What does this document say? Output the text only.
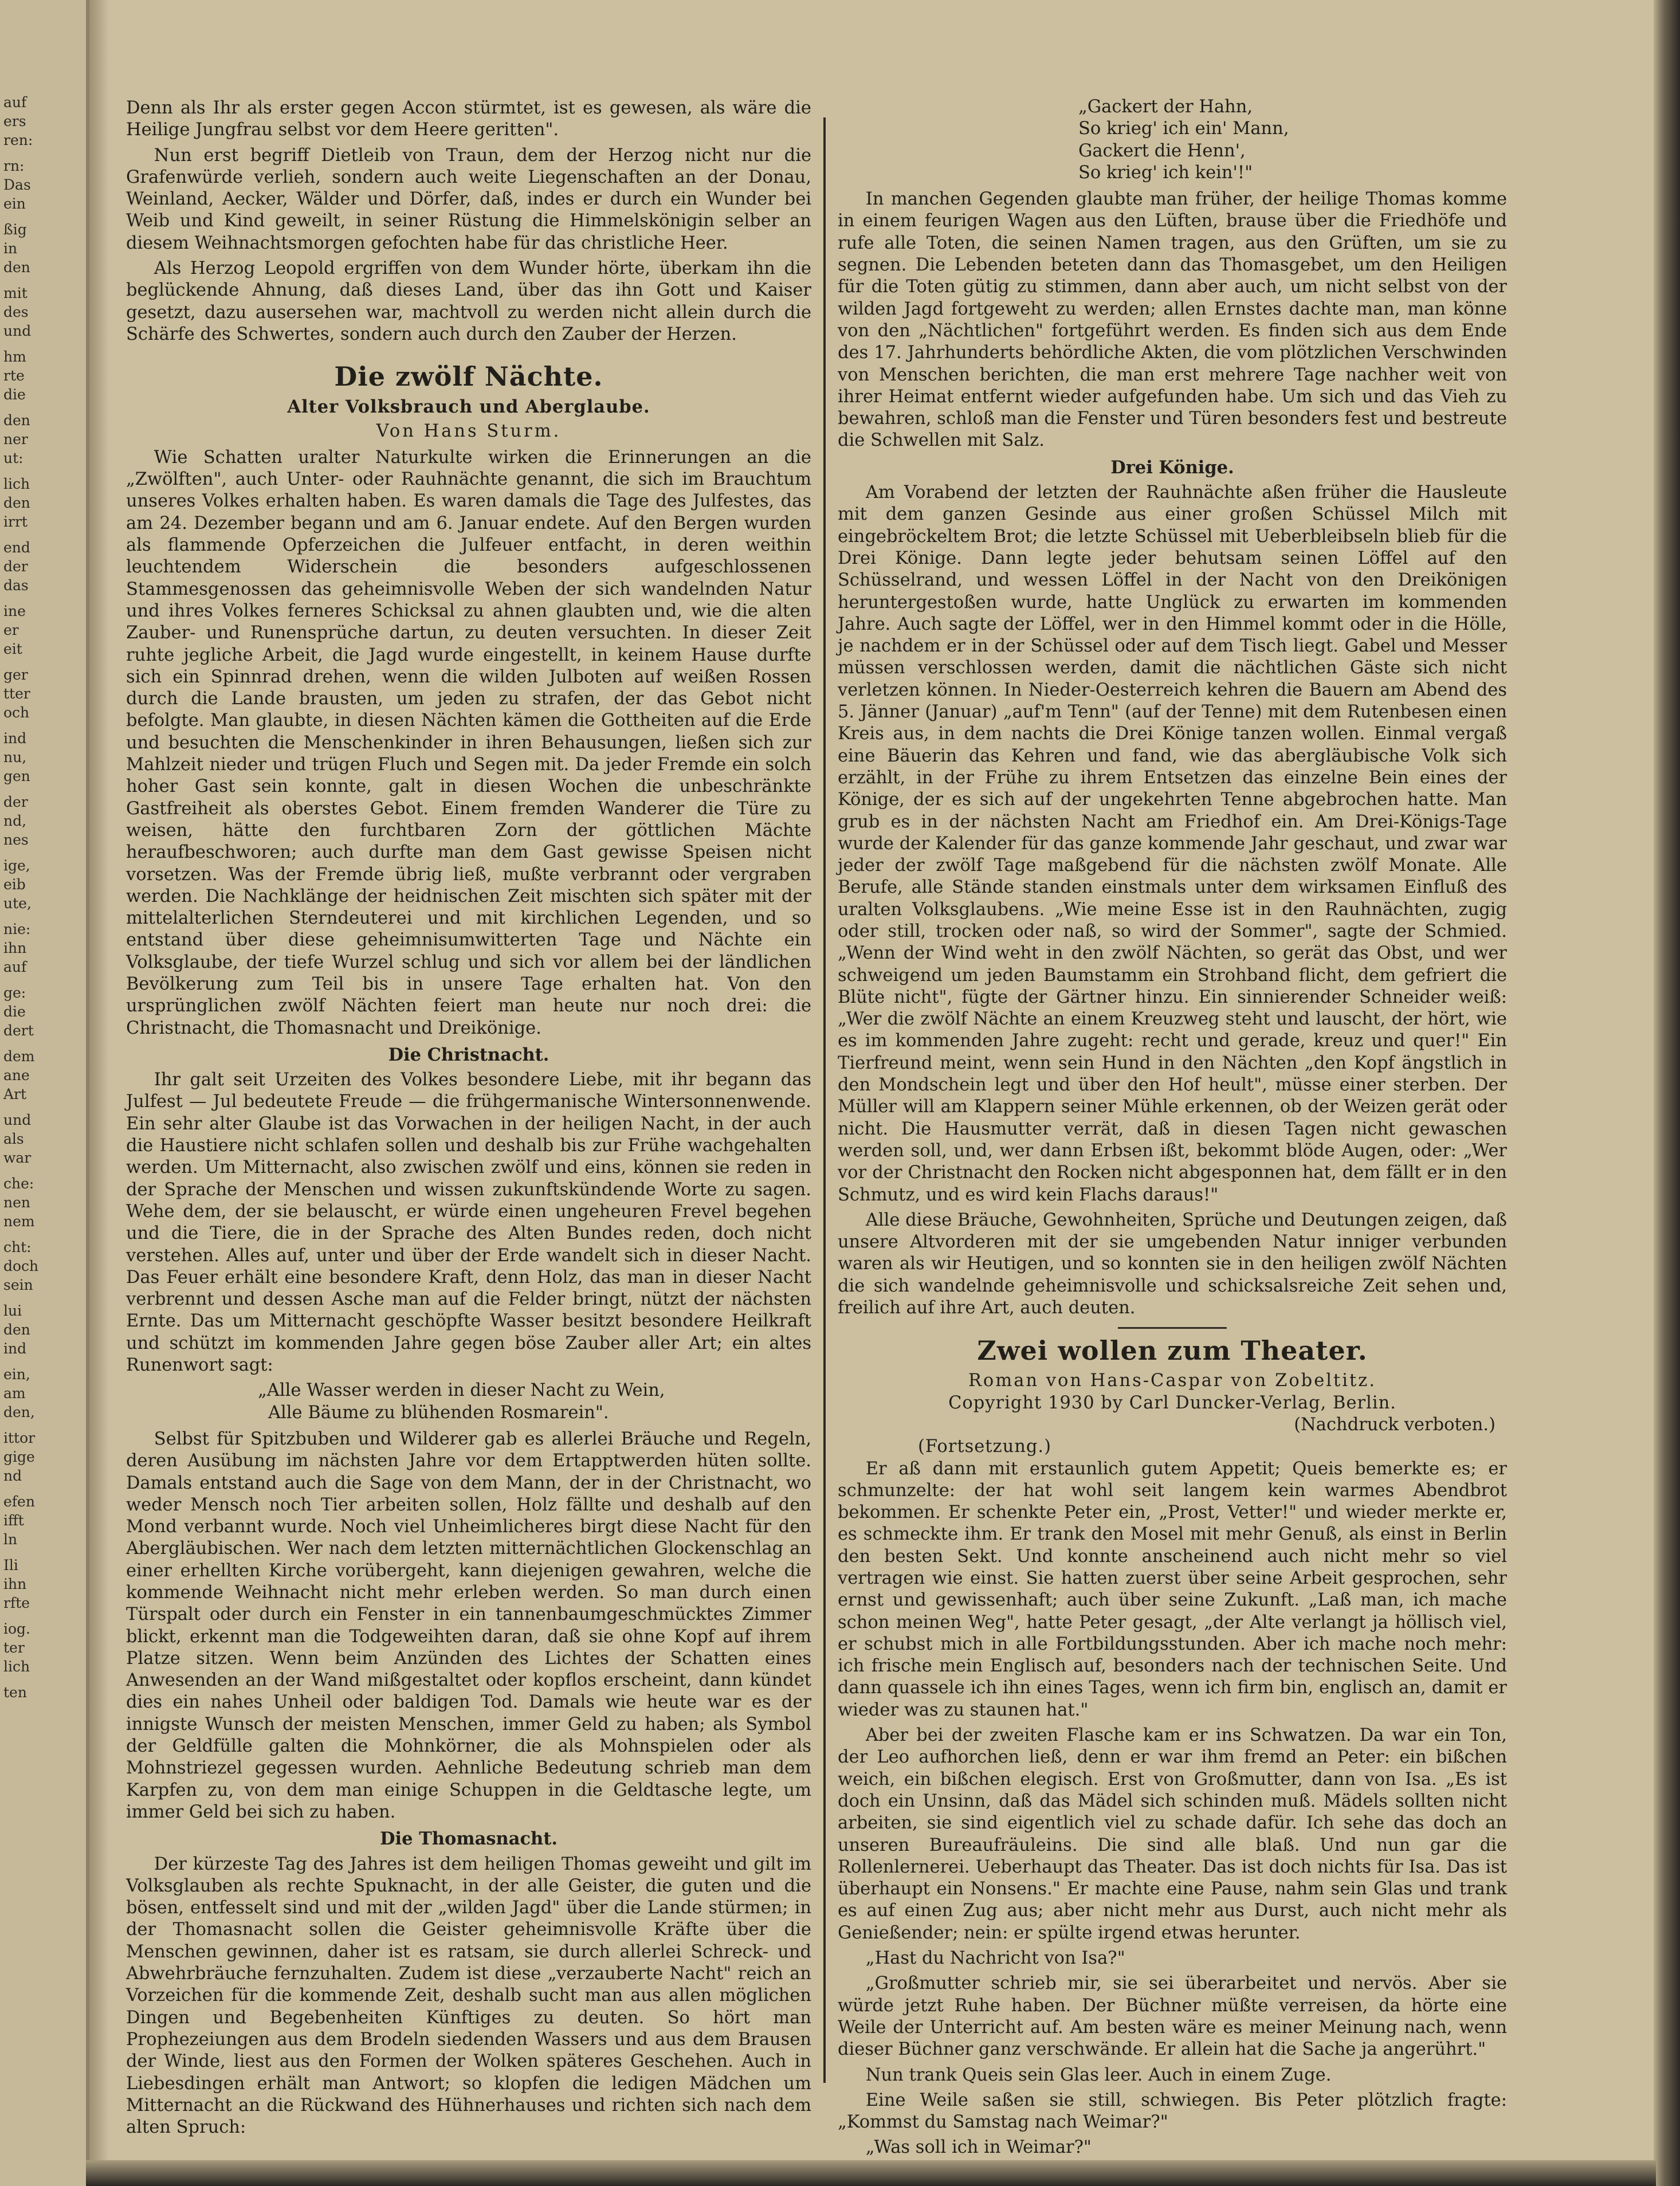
auf
ers
ren:
rn:
Das
ein
ßig
in
den
mit
des
und
hm
rte
die
den
ner
ut:
lich
den
irrt
end
der
das
ine
er
eit
ger
tter
och
ind
nu,
gen
der
nd,
nes
ige,
eib
ute,
nie:
ihn
auf
ge:
die
dert
dem
ane
Art
und
als
war
che:
nen
nem
cht:
doch
sein
lui
den
ind
ein,
am
den,
ittor
gige
nd
efen
ifft
ln
Ili
ihn
rfte
iog.
ter
lich
ten

Denn als Ihr als erster gegen Accon stürmtet, ist es gewesen, als wäre die Heilige Jungfrau selbst vor dem Heere geritten".

Nun erst begriff Dietleib von Traun, dem der Herzog nicht nur die Grafenwürde verlieh, sondern auch weite Liegenschaften an der Donau, Weinland, Aecker, Wälder und Dörfer, daß, indes er durch ein Wunder bei Weib und Kind geweilt, in seiner Rüstung die Himmelskönigin selber an diesem Weihnachtsmorgen gefochten habe für das christliche Heer.

Als Herzog Leopold ergriffen von dem Wunder hörte, überkam ihn die beglückende Ahnung, daß dieses Land, über das ihn Gott und Kaiser gesetzt, dazu ausersehen war, machtvoll zu werden nicht allein durch die Schärfe des Schwertes, sondern auch durch den Zauber der Herzen.

Die zwölf Nächte.
Alter Volksbrauch und Aberglaube.
Von Hans Sturm.

Wie Schatten uralter Naturkulte wirken die Erinnerungen an die „Zwölften", auch Unter- oder Rauhnächte genannt, die sich im Brauchtum unseres Volkes erhalten haben. Es waren damals die Tage des Julfestes, das am 24. Dezember begann und am 6. Januar endete. Auf den Bergen wurden als flammende Opferzeichen die Julfeuer entfacht, in deren weithin leuchtendem Widerschein die besonders aufgeschlossenen Stammesgenossen das geheimnisvolle Weben der sich wandelnden Natur und ihres Volkes ferneres Schicksal zu ahnen glaubten und, wie die alten Zauber- und Runensprüche dartun, zu deuten versuchten. In dieser Zeit ruhte jegliche Arbeit, die Jagd wurde eingestellt, in keinem Hause durfte sich ein Spinnrad drehen, wenn die wilden Julboten auf weißen Rossen durch die Lande brausten, um jeden zu strafen, der das Gebot nicht befolgte. Man glaubte, in diesen Nächten kämen die Gottheiten auf die Erde und besuchten die Menschenkinder in ihren Behausungen, ließen sich zur Mahlzeit nieder und trügen Fluch und Segen mit. Da jeder Fremde ein solch hoher Gast sein konnte, galt in diesen Wochen die unbeschränkte Gastfreiheit als oberstes Gebot. Einem fremden Wanderer die Türe zu weisen, hätte den furchtbaren Zorn der göttlichen Mächte heraufbeschworen; auch durfte man dem Gast gewisse Speisen nicht vorsetzen. Was der Fremde übrig ließ, mußte verbrannt oder vergraben werden. Die Nachklänge der heidnischen Zeit mischten sich später mit der mittelalterlichen Sterndeuterei und mit kirchlichen Legenden, und so entstand über diese geheimnisumwitterten Tage und Nächte ein Volksglaube, der tiefe Wurzel schlug und sich vor allem bei der ländlichen Bevölkerung zum Teil bis in unsere Tage erhalten hat. Von den ursprünglichen zwölf Nächten feiert man heute nur noch drei: die Christnacht, die Thomasnacht und Dreikönige.

Die Christnacht.

Ihr galt seit Urzeiten des Volkes besondere Liebe, mit ihr begann das Julfest — Jul bedeutete Freude — die frühgermanische Wintersonnenwende. Ein sehr alter Glaube ist das Vorwachen in der heiligen Nacht, in der auch die Haustiere nicht schlafen sollen und deshalb bis zur Frühe wachgehalten werden. Um Mitternacht, also zwischen zwölf und eins, können sie reden in der Sprache der Menschen und wissen zukunftskündende Worte zu sagen. Wehe dem, der sie belauscht, er würde einen ungeheuren Frevel begehen und die Tiere, die in der Sprache des Alten Bundes reden, doch nicht verstehen. Alles auf, unter und über der Erde wandelt sich in dieser Nacht. Das Feuer erhält eine besondere Kraft, denn Holz, das man in dieser Nacht verbrennt und dessen Asche man auf die Felder bringt, nützt der nächsten Ernte. Das um Mitternacht geschöpfte Wasser besitzt besondere Heilkraft und schützt im kommenden Jahre gegen böse Zauber aller Art; ein altes Runenwort sagt:

„Alle Wasser werden in dieser Nacht zu Wein,
Alle Bäume zu blühenden Rosmarein".

Selbst für Spitzbuben und Wilderer gab es allerlei Bräuche und Regeln, deren Ausübung im nächsten Jahre vor dem Ertapptwerden hüten sollte. Damals entstand auch die Sage von dem Mann, der in der Christnacht, wo weder Mensch noch Tier arbeiten sollen, Holz fällte und deshalb auf den Mond verbannt wurde. Noch viel Unheimlicheres birgt diese Nacht für den Abergläubischen. Wer nach dem letzten mitternächtlichen Glockenschlag an einer erhellten Kirche vorübergeht, kann diejenigen gewahren, welche die kommende Weihnacht nicht mehr erleben werden. So man durch einen Türspalt oder durch ein Fenster in ein tannenbaumgeschmücktes Zimmer blickt, erkennt man die Todgeweihten daran, daß sie ohne Kopf auf ihrem Platze sitzen. Wenn beim Anzünden des Lichtes der Schatten eines Anwesenden an der Wand mißgestaltet oder kopflos erscheint, dann kündet dies ein nahes Unheil oder baldigen Tod. Damals wie heute war es der innigste Wunsch der meisten Menschen, immer Geld zu haben; als Symbol der Geldfülle galten die Mohnkörner, die als Mohnspielen oder als Mohnstriezel gegessen wurden. Aehnliche Bedeutung schrieb man dem Karpfen zu, von dem man einige Schuppen in die Geldtasche legte, um immer Geld bei sich zu haben.

Die Thomasnacht.

Der kürzeste Tag des Jahres ist dem heiligen Thomas geweiht und gilt im Volksglauben als rechte Spuknacht, in der alle Geister, die guten und die bösen, entfesselt sind und mit der „wilden Jagd" über die Lande stürmen; in der Thomasnacht sollen die Geister geheimnisvolle Kräfte über die Menschen gewinnen, daher ist es ratsam, sie durch allerlei Schreck- und Abwehrbräuche fernzuhalten. Zudem ist diese „verzauberte Nacht" reich an Vorzeichen für die kommende Zeit, deshalb sucht man aus allen möglichen Dingen und Begebenheiten Künftiges zu deuten. So hört man Prophezeiungen aus dem Brodeln siedenden Wassers und aus dem Brausen der Winde, liest aus den Formen der Wolken späteres Geschehen. Auch in Liebesdingen erhält man Antwort; so klopfen die ledigen Mädchen um Mitternacht an die Rückwand des Hühnerhauses und richten sich nach dem alten Spruch:

„Gackert der Hahn,
So krieg' ich ein' Mann,
Gackert die Henn',
So krieg' ich kein'!"

In manchen Gegenden glaubte man früher, der heilige Thomas komme in einem feurigen Wagen aus den Lüften, brause über die Friedhöfe und rufe alle Toten, die seinen Namen tragen, aus den Grüften, um sie zu segnen. Die Lebenden beteten dann das Thomasgebet, um den Heiligen für die Toten gütig zu stimmen, dann aber auch, um nicht selbst von der wilden Jagd fortgeweht zu werden; allen Ernstes dachte man, man könne von den „Nächtlichen" fortgeführt werden. Es finden sich aus dem Ende des 17. Jahrhunderts behördliche Akten, die vom plötzlichen Verschwinden von Menschen berichten, die man erst mehrere Tage nachher weit von ihrer Heimat entfernt wieder aufgefunden habe. Um sich und das Vieh zu bewahren, schloß man die Fenster und Türen besonders fest und bestreute die Schwellen mit Salz.

Drei Könige.

Am Vorabend der letzten der Rauhnächte aßen früher die Hausleute mit dem ganzen Gesinde aus einer großen Schüssel Milch mit eingebröckeltem Brot; die letzte Schüssel mit Ueberbleibseln blieb für die Drei Könige. Dann legte jeder behutsam seinen Löffel auf den Schüsselrand, und wessen Löffel in der Nacht von den Dreikönigen heruntergestoßen wurde, hatte Unglück zu erwarten im kommenden Jahre. Auch sagte der Löffel, wer in den Himmel kommt oder in die Hölle, je nachdem er in der Schüssel oder auf dem Tisch liegt. Gabel und Messer müssen verschlossen werden, damit die nächtlichen Gäste sich nicht verletzen können. In Nieder-Oesterreich kehren die Bauern am Abend des 5. Jänner (Januar) „auf'm Tenn" (auf der Tenne) mit dem Rutenbesen einen Kreis aus, in dem nachts die Drei Könige tanzen wollen. Einmal vergaß eine Bäuerin das Kehren und fand, wie das abergläubische Volk sich erzählt, in der Frühe zu ihrem Entsetzen das einzelne Bein eines der Könige, der es sich auf der ungekehrten Tenne abgebrochen hatte. Man grub es in der nächsten Nacht am Friedhof ein. Am Drei-Königs-Tage wurde der Kalender für das ganze kommende Jahr geschaut, und zwar war jeder der zwölf Tage maßgebend für die nächsten zwölf Monate. Alle Berufe, alle Stände standen einstmals unter dem wirksamen Einfluß des uralten Volksglaubens. „Wie meine Esse ist in den Rauhnächten, zugig oder still, trocken oder naß, so wird der Sommer", sagte der Schmied. „Wenn der Wind weht in den zwölf Nächten, so gerät das Obst, und wer schweigend um jeden Baumstamm ein Strohband flicht, dem gefriert die Blüte nicht", fügte der Gärtner hinzu. Ein sinnierender Schneider weiß: „Wer die zwölf Nächte an einem Kreuzweg steht und lauscht, der hört, wie es im kommenden Jahre zugeht: recht und gerade, kreuz und quer!" Ein Tierfreund meint, wenn sein Hund in den Nächten „den Kopf ängstlich in den Mondschein legt und über den Hof heult", müsse einer sterben. Der Müller will am Klappern seiner Mühle erkennen, ob der Weizen gerät oder nicht. Die Hausmutter verrät, daß in diesen Tagen nicht gewaschen werden soll, und, wer dann Erbsen ißt, bekommt blöde Augen, oder: „Wer vor der Christnacht den Rocken nicht abgesponnen hat, dem fällt er in den Schmutz, und es wird kein Flachs daraus!"

Alle diese Bräuche, Gewohnheiten, Sprüche und Deutungen zeigen, daß unsere Altvorderen mit der sie umgebenden Natur inniger verbunden waren als wir Heutigen, und so konnten sie in den heiligen zwölf Nächten die sich wandelnde geheimnisvolle und schicksalsreiche Zeit sehen und, freilich auf ihre Art, auch deuten.

Zwei wollen zum Theater.
Roman von Hans-Caspar von Zobeltitz.
Copyright 1930 by Carl Duncker-Verlag, Berlin.
(Nachdruck verboten.)
(Fortsetzung.)

Er aß dann mit erstaunlich gutem Appetit; Queis bemerkte es; er schmunzelte: der hat wohl seit langem kein warmes Abendbrot bekommen. Er schenkte Peter ein, „Prost, Vetter!" und wieder merkte er, es schmeckte ihm. Er trank den Mosel mit mehr Genuß, als einst in Berlin den besten Sekt. Und konnte anscheinend auch nicht mehr so viel vertragen wie einst. Sie hatten zuerst über seine Arbeit gesprochen, sehr ernst und gewissenhaft; auch über seine Zukunft. „Laß man, ich mache schon meinen Weg", hatte Peter gesagt, „der Alte verlangt ja höllisch viel, er schubst mich in alle Fortbildungsstunden. Aber ich mache noch mehr: ich frische mein Englisch auf, besonders nach der technischen Seite. Und dann quassele ich ihn eines Tages, wenn ich firm bin, englisch an, damit er wieder was zu staunen hat."

Aber bei der zweiten Flasche kam er ins Schwatzen. Da war ein Ton, der Leo aufhorchen ließ, denn er war ihm fremd an Peter: ein bißchen weich, ein bißchen elegisch. Erst von Großmutter, dann von Isa. „Es ist doch ein Unsinn, daß das Mädel sich schinden muß. Mädels sollten nicht arbeiten, sie sind eigentlich viel zu schade dafür. Ich sehe das doch an unseren Bureaufräuleins. Die sind alle blaß. Und nun gar die Rollenlernerei. Ueberhaupt das Theater. Das ist doch nichts für Isa. Das ist überhaupt ein Nonsens." Er machte eine Pause, nahm sein Glas und trank es auf einen Zug aus; aber nicht mehr aus Durst, auch nicht mehr als Genießender; nein: er spülte irgend etwas herunter.

„Hast du Nachricht von Isa?"

„Großmutter schrieb mir, sie sei überarbeitet und nervös. Aber sie würde jetzt Ruhe haben. Der Büchner müßte verreisen, da hörte eine Weile der Unterricht auf. Am besten wäre es meiner Meinung nach, wenn dieser Büchner ganz verschwände. Er allein hat die Sache ja angerührt."

Nun trank Queis sein Glas leer. Auch in einem Zuge.

Eine Weile saßen sie still, schwiegen. Bis Peter plötzlich fragte: „Kommst du Samstag nach Weimar?"

„Was soll ich in Weimar?"
